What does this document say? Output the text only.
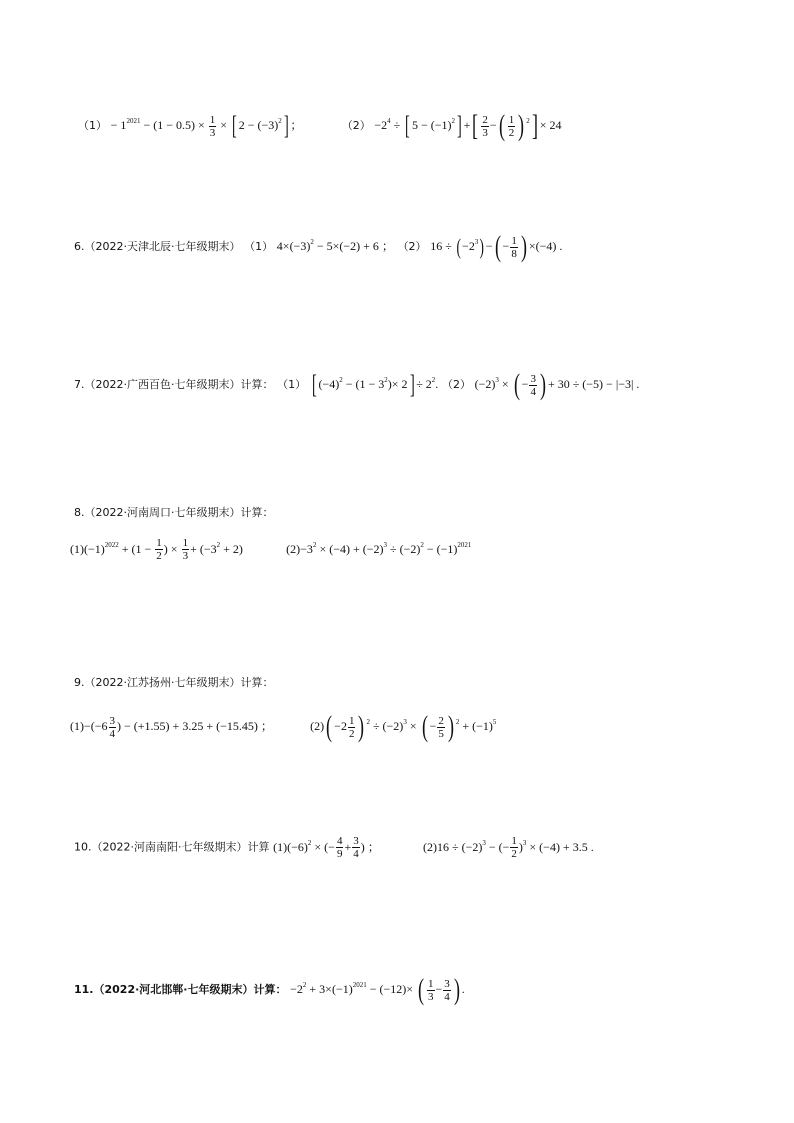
$(1) - 1^{2021} - (1 - 0.5) \times \frac{1}{3}$ × [ $2 - (-3)^2$] ；	$(2) -2^4$ ÷ [ $5 - (-1)^2$] +[ $\frac{2}{3}$ −( $\frac{1}{2}$ ) $^2$] × 24
6.（2022·天津北辰·七年级期末） （1） $4\times(-3)^2 - 5\times(-2) + 6$ ； （2） $16 \div (-2^3)-( - \frac{1}{8}$ ) ×(−4) .
7.（2022·广西百色·七年级期末）计算： （1） [ $(-4)^2 - (1 - 3^2)\times 2] \div 2^2$. （2） $(-2)^3$ × ( − $\frac{3}{4}$ ) + 30 ÷ (−5) − |−3| .
8.（2022·河南周口·七年级期末）计算：
$(1)(-1)^{2022} + (1 - \frac{1}{2}$ ) × $\frac{1}{3} + (-3^2 + 2)$	$(2)-3^2 \times (-4) + (-2)^3 \div (-2)^2 - (-1)^{2021}$
9.（2022·江苏扬州·七年级期末）计算：
$(1)-(-6 \frac{3}{4}$ ) − (+1.55) + 3.25 + (−15.45) ；	$(2)( -2 \frac{1}{2}$ ) $^2 \div (-2)^3$ × ( − $\frac{2}{5}$ ) $^2 + (-1)^5$
10.（2022·河南南阳·七年级期末）计算 $(1)(-6)^2$ × (− $\frac{4}{9} + \frac{3}{4}$ ) ；	$(2)16 \div (-2)^3$ − (− $\frac{1}{2} )^3 \times (-4) + 3.5$ .
11.（2022·河北邯郸·七年级期末）计算： $-2^2 + 3\times(-1)^{2021} - (-12)\times$ ( $\frac{1}{3} - \frac{3}{4}$ ) .
